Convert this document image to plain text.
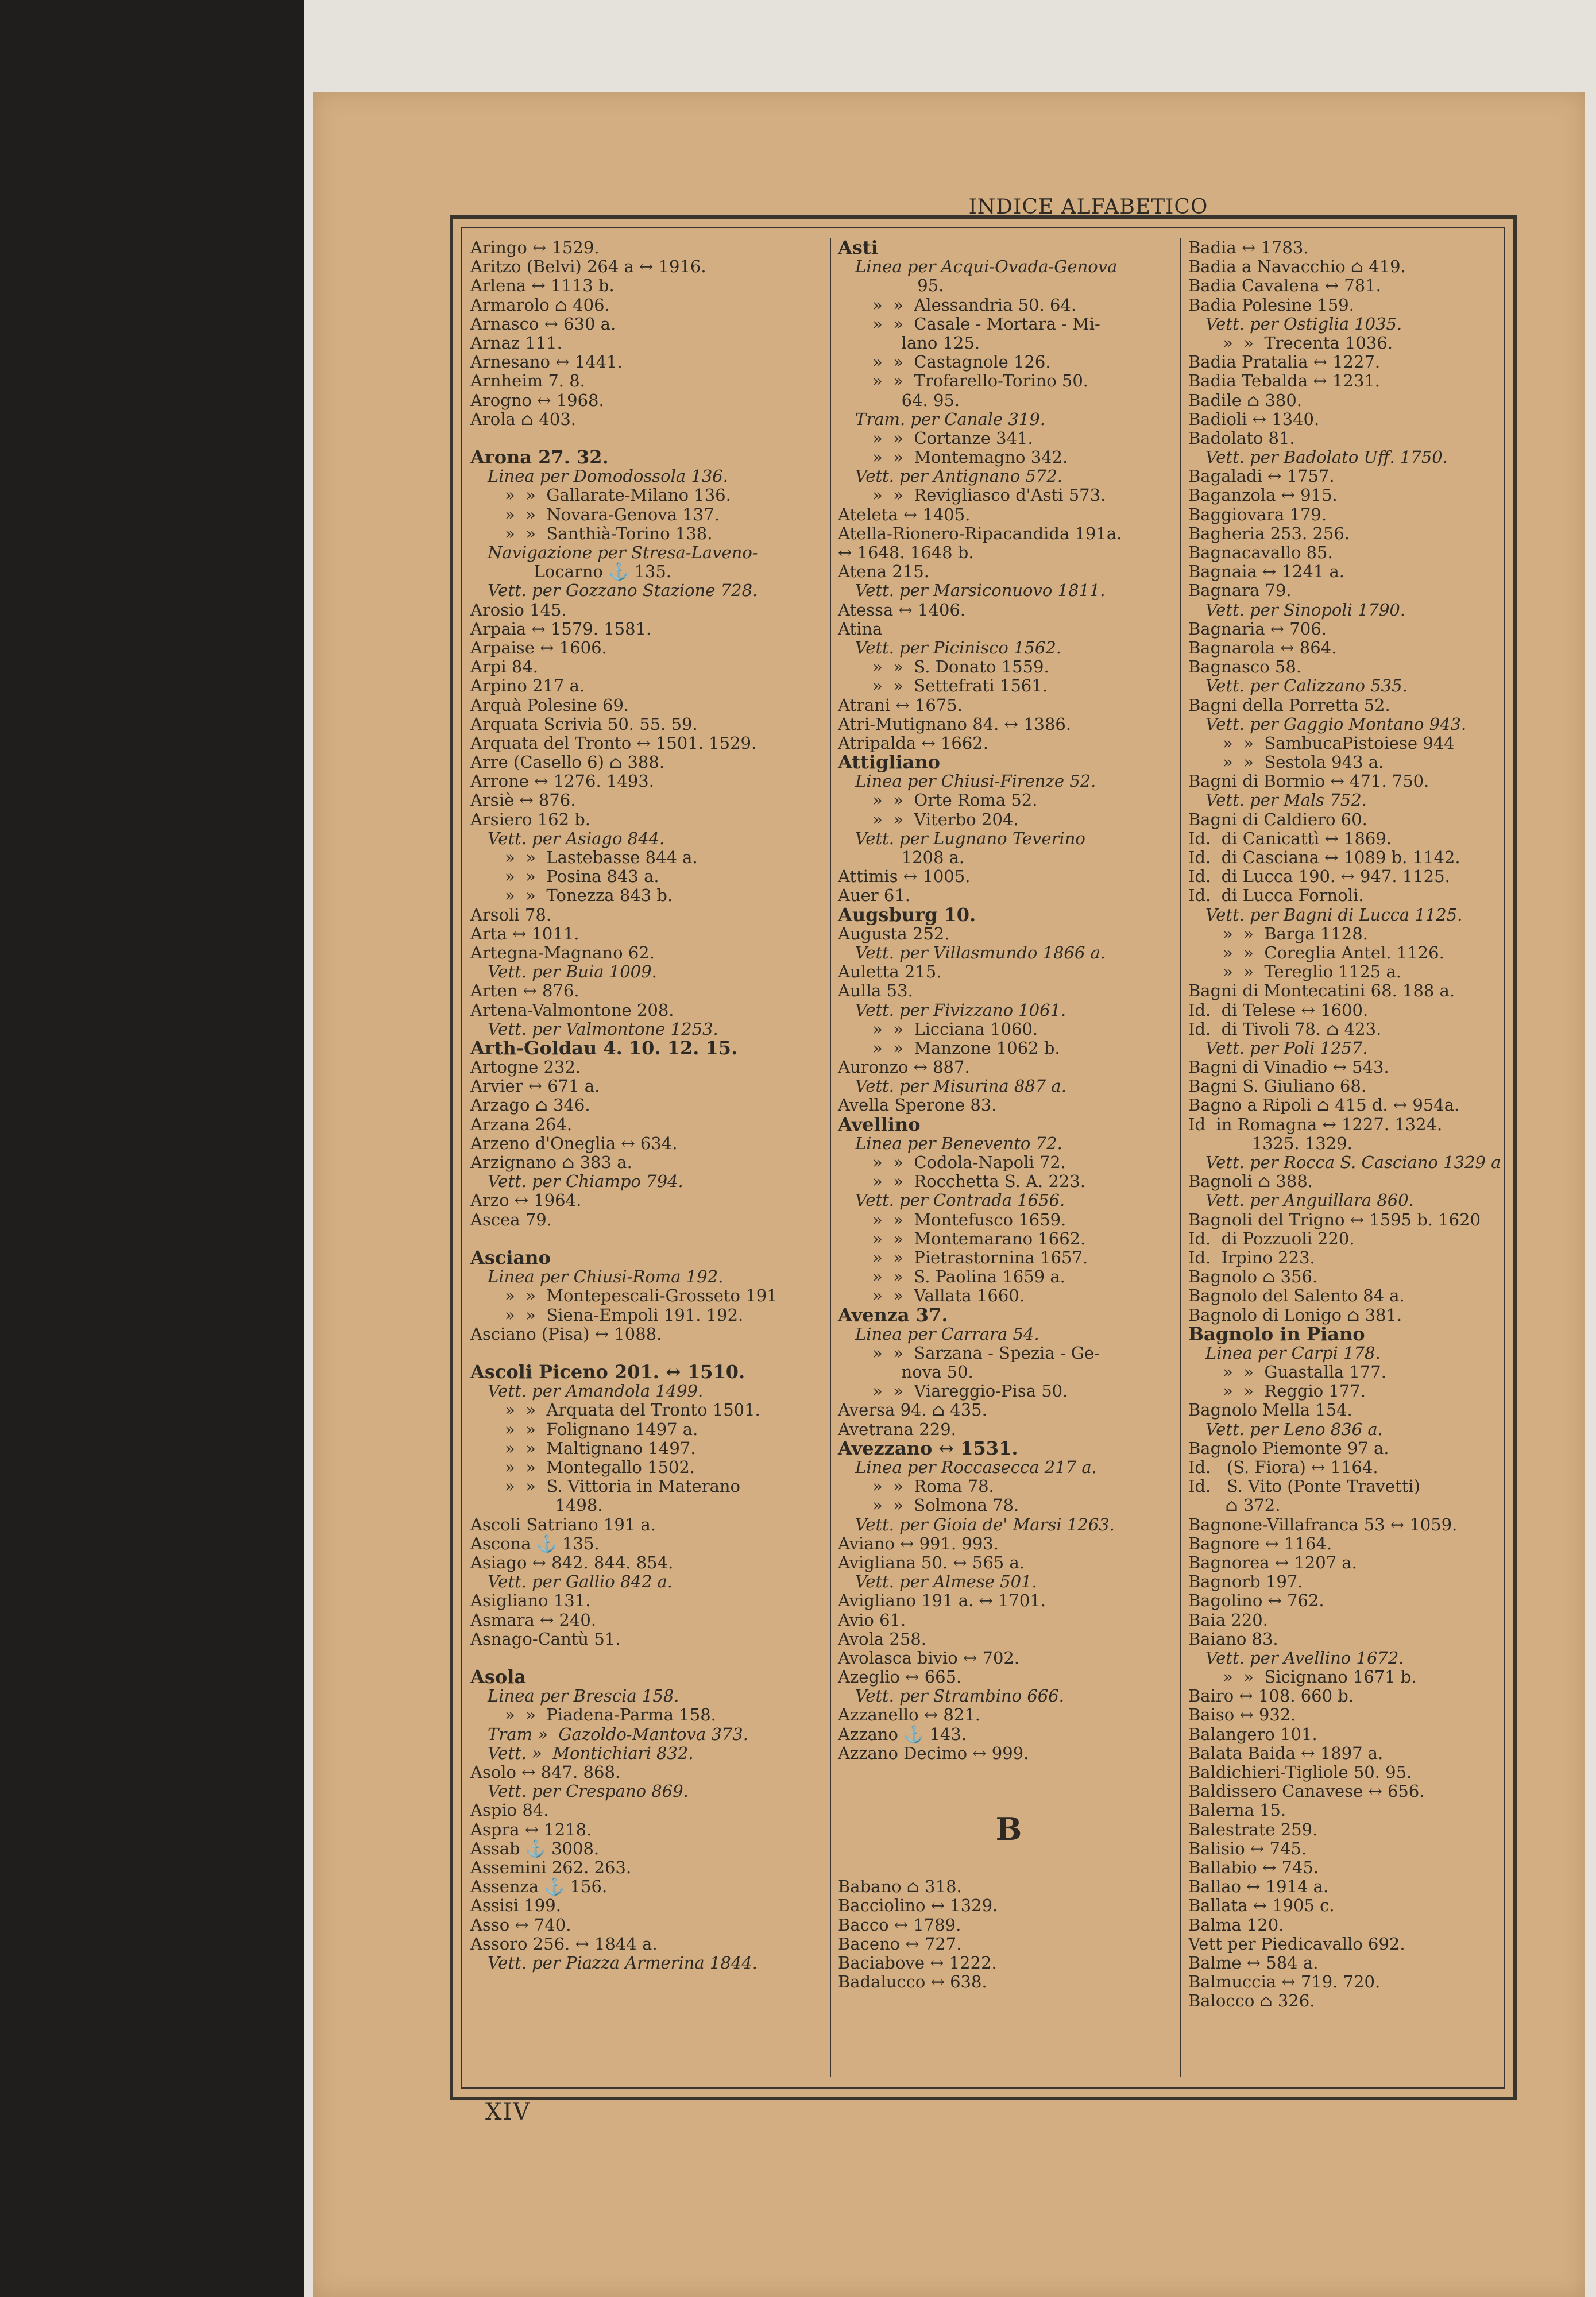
INDICE ALFABETICO
Aringo ↔ 1529.
Aritzo (Belvi) 264 a ↔ 1916.
Arlena ↔ 1113 b.
Armarolo ⌂ 406.
Arnasco ↔ 630 a.
Arnaz 111.
Arnesano ↔ 1441.
Arnheim 7. 8.
Arogno ↔ 1968.
Arola ⌂ 403.
Arona 27. 32.
Linea per Domodossola 136.
»  »  Gallarate-Milano 136.
»  »  Novara-Genova 137.
»  »  Santhià-Torino 138.
Navigazione per Stresa-Laveno-
Locarno ⚓ 135.
Vett. per Gozzano Stazione 728.
Arosio 145.
Arpaia ↔ 1579. 1581.
Arpaise ↔ 1606.
Arpi 84.
Arpino 217 a.
Arquà Polesine 69.
Arquata Scrivia 50. 55. 59.
Arquata del Tronto ↔ 1501. 1529.
Arre (Casello 6) ⌂ 388.
Arrone ↔ 1276. 1493.
Arsiè ↔ 876.
Arsiero 162 b.
Vett. per Asiago 844.
»  »  Lastebasse 844 a.
»  »  Posina 843 a.
»  »  Tonezza 843 b.
Arsoli 78.
Arta ↔ 1011.
Artegna-Magnano 62.
Vett. per Buia 1009.
Arten ↔ 876.
Artena-Valmontone 208.
Vett. per Valmontone 1253.
Arth-Goldau 4. 10. 12. 15.
Artogne 232.
Arvier ↔ 671 a.
Arzago ⌂ 346.
Arzana 264.
Arzeno d'Oneglia ↔ 634.
Arzignano ⌂ 383 a.
Vett. per Chiampo 794.
Arzo ↔ 1964.
Ascea 79.
Asciano
Linea per Chiusi-Roma 192.
»  »  Montepescali-Grosseto 191
»  »  Siena-Empoli 191. 192.
Asciano (Pisa) ↔ 1088.
Ascoli Piceno 201. ↔ 1510.
Vett. per Amandola 1499.
»  »  Arquata del Tronto 1501.
»  »  Folignano 1497 a.
»  »  Maltignano 1497.
»  »  Montegallo 1502.
»  »  S. Vittoria in Materano
1498.
Ascoli Satriano 191 a.
Ascona ⚓ 135.
Asiago ↔ 842. 844. 854.
Vett. per Gallio 842 a.
Asigliano 131.
Asmara ↔ 240.
Asnago-Cantù 51.
Asola
Linea per Brescia 158.
»  »  Piadena-Parma 158.
Tram »  Gazoldo-Mantova 373.
Vett. »  Montichiari 832.
Asolo ↔ 847. 868.
Vett. per Crespano 869.
Aspio 84.
Aspra ↔ 1218.
Assab ⚓ 3008.
Assemini 262. 263.
Assenza ⚓ 156.
Assisi 199.
Asso ↔ 740.
Assoro 256. ↔ 1844 a.
Vett. per Piazza Armerina 1844.
Asti
Linea per Acqui-Ovada-Genova
95.
»  »  Alessandria 50. 64.
»  »  Casale - Mortara - Mi-
lano 125.
»  »  Castagnole 126.
»  »  Trofarello-Torino 50.
64. 95.
Tram. per Canale 319.
»  »  Cortanze 341.
»  »  Montemagno 342.
Vett. per Antignano 572.
»  »  Revigliasco d'Asti 573.
Ateleta ↔ 1405.
Atella-Rionero-Ripacandida 191a.
↔ 1648. 1648 b.
Atena 215.
Vett. per Marsiconuovo 1811.
Atessa ↔ 1406.
Atina
Vett. per Picinisco 1562.
»  »  S. Donato 1559.
»  »  Settefrati 1561.
Atrani ↔ 1675.
Atri-Mutignano 84. ↔ 1386.
Atripalda ↔ 1662.
Attigliano
Linea per Chiusi-Firenze 52.
»  »  Orte Roma 52.
»  »  Viterbo 204.
Vett. per Lugnano Teverino
1208 a.
Attimis ↔ 1005.
Auer 61.
Augsburg 10.
Augusta 252.
Vett. per Villasmundo 1866 a.
Auletta 215.
Aulla 53.
Vett. per Fivizzano 1061.
»  »  Licciana 1060.
»  »  Manzone 1062 b.
Auronzo ↔ 887.
Vett. per Misurina 887 a.
Avella Sperone 83.
Avellino
Linea per Benevento 72.
»  »  Codola-Napoli 72.
»  »  Rocchetta S. A. 223.
Vett. per Contrada 1656.
»  »  Montefusco 1659.
»  »  Montemarano 1662.
»  »  Pietrastornina 1657.
»  »  S. Paolina 1659 a.
»  »  Vallata 1660.
Avenza 37.
Linea per Carrara 54.
»  »  Sarzana - Spezia - Ge-
nova 50.
»  »  Viareggio-Pisa 50.
Aversa 94. ⌂ 435.
Avetrana 229.
Avezzano ↔ 1531.
Linea per Roccasecca 217 a.
»  »  Roma 78.
»  »  Solmona 78.
Vett. per Gioia de' Marsi 1263.
Aviano ↔ 991. 993.
Avigliana 50. ↔ 565 a.
Vett. per Almese 501.
Avigliano 191 a. ↔ 1701.
Avio 61.
Avola 258.
Avolasca bivio ↔ 702.
Azeglio ↔ 665.
Vett. per Strambino 666.
Azzanello ↔ 821.
Azzano ⚓ 143.
Azzano Decimo ↔ 999.
B
Babano ⌂ 318.
Bacciolino ↔ 1329.
Bacco ↔ 1789.
Baceno ↔ 727.
Baciabove ↔ 1222.
Badalucco ↔ 638.
Badia ↔ 1783.
Badia a Navacchio ⌂ 419.
Badia Cavalena ↔ 781.
Badia Polesine 159.
Vett. per Ostiglia 1035.
»  »  Trecenta 1036.
Badia Pratalia ↔ 1227.
Badia Tebalda ↔ 1231.
Badile ⌂ 380.
Badioli ↔ 1340.
Badolato 81.
Vett. per Badolato Uff. 1750.
Bagaladi ↔ 1757.
Baganzola ↔ 915.
Baggiovara 179.
Bagheria 253. 256.
Bagnacavallo 85.
Bagnaia ↔ 1241 a.
Bagnara 79.
Vett. per Sinopoli 1790.
Bagnaria ↔ 706.
Bagnarola ↔ 864.
Bagnasco 58.
Vett. per Calizzano 535.
Bagni della Porretta 52.
Vett. per Gaggio Montano 943.
»  »  SambucaPistoiese 944
»  »  Sestola 943 a.
Bagni di Bormio ↔ 471. 750.
Vett. per Mals 752.
Bagni di Caldiero 60.
Id.  di Canicattì ↔ 1869.
Id.  di Casciana ↔ 1089 b. 1142.
Id.  di Lucca 190. ↔ 947. 1125.
Id.  di Lucca Fornoli.
Vett. per Bagni di Lucca 1125.
»  »  Barga 1128.
»  »  Coreglia Antel. 1126.
»  »  Tereglio 1125 a.
Bagni di Montecatini 68. 188 a.
Id.  di Telese ↔ 1600.
Id.  di Tivoli 78. ⌂ 423.
Vett. per Poli 1257.
Bagni di Vinadio ↔ 543.
Bagni S. Giuliano 68.
Bagno a Ripoli ⌂ 415 d. ↔ 954a.
Id  in Romagna ↔ 1227. 1324.
1325. 1329.
Vett. per Rocca S. Casciano 1329 a
Bagnoli ⌂ 388.
Vett. per Anguillara 860.
Bagnoli del Trigno ↔ 1595 b. 1620
Id.  di Pozzuoli 220.
Id.  Irpino 223.
Bagnolo ⌂ 356.
Bagnolo del Salento 84 a.
Bagnolo di Lonigo ⌂ 381.
Bagnolo in Piano
Linea per Carpi 178.
»  »  Guastalla 177.
»  »  Reggio 177.
Bagnolo Mella 154.
Vett. per Leno 836 a.
Bagnolo Piemonte 97 a.
Id.   (S. Fiora) ↔ 1164.
Id.   S. Vito (Ponte Travetti)
⌂ 372.
Bagnone-Villafranca 53 ↔ 1059.
Bagnore ↔ 1164.
Bagnorea ↔ 1207 a.
Bagnorb 197.
Bagolino ↔ 762.
Baia 220.
Baiano 83.
Vett. per Avellino 1672.
»  »  Sicignano 1671 b.
Bairo ↔ 108. 660 b.
Baiso ↔ 932.
Balangero 101.
Balata Baida ↔ 1897 a.
Baldichieri-Tigliole 50. 95.
Baldissero Canavese ↔ 656.
Balerna 15.
Balestrate 259.
Balisio ↔ 745.
Ballabio ↔ 745.
Ballao ↔ 1914 a.
Ballata ↔ 1905 c.
Balma 120.
Vett per Piedicavallo 692.
Balme ↔ 584 a.
Balmuccia ↔ 719. 720.
Balocco ⌂ 326.
XIV
